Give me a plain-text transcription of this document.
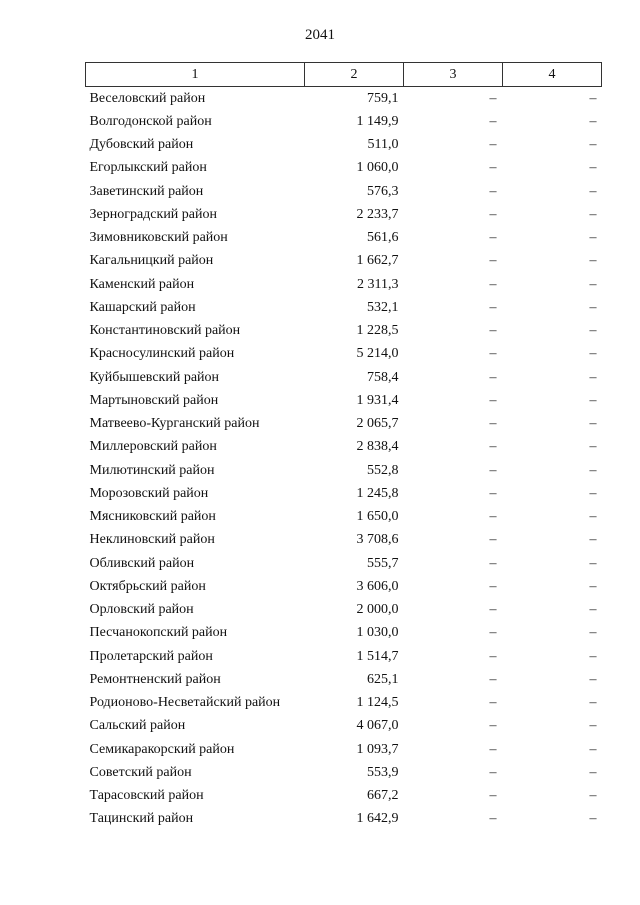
2041
1	2	3	4
Веселовский район	759,1	–	–
Волгодонской район	1 149,9	–	–
Дубовский район	511,0	–	–
Егорлыкский район	1 060,0	–	–
Заветинский район	576,3	–	–
Зерноградский район	2 233,7	–	–
Зимовниковский район	561,6	–	–
Кагальницкий район	1 662,7	–	–
Каменский район	2 311,3	–	–
Кашарский район	532,1	–	–
Константиновский район	1 228,5	–	–
Красносулинский район	5 214,0	–	–
Куйбышевский район	758,4	–	–
Мартыновский район	1 931,4	–	–
Матвеево-Курганский район	2 065,7	–	–
Миллеровский район	2 838,4	–	–
Милютинский район	552,8	–	–
Морозовский район	1 245,8	–	–
Мясниковский район	1 650,0	–	–
Неклиновский район	3 708,6	–	–
Обливский район	555,7	–	–
Октябрьский район	3 606,0	–	–
Орловский район	2 000,0	–	–
Песчанокопский район	1 030,0	–	–
Пролетарский район	1 514,7	–	–
Ремонтненский район	625,1	–	–
Родионово-Несветайский район	1 124,5	–	–
Сальский район	4 067,0	–	–
Семикаракорский район	1 093,7	–	–
Советский район	553,9	–	–
Тарасовский район	667,2	–	–
Тацинский район	1 642,9	–	–
